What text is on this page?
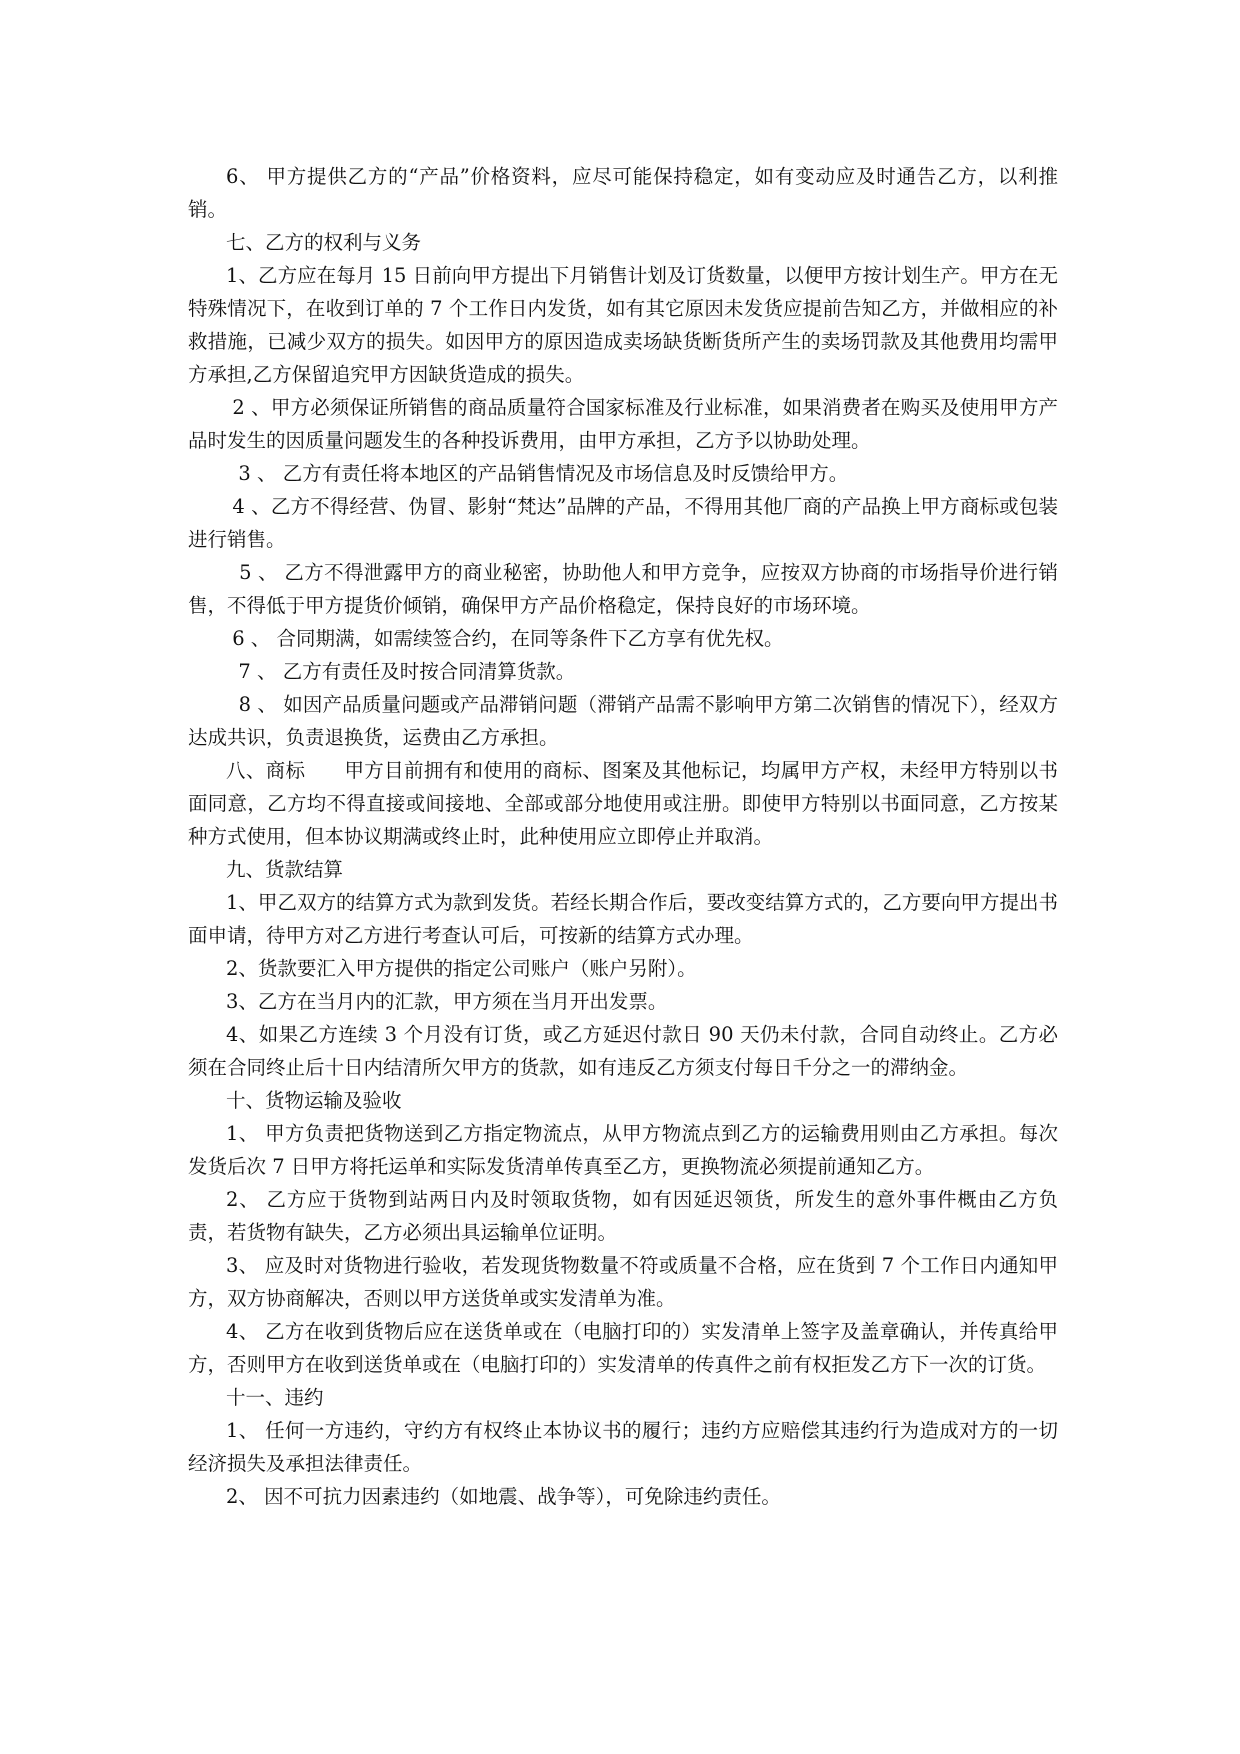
6、 甲方提供乙方的“产品”价格资料，应尽可能保持稳定，如有变动应及时通告乙方，以利推销。

七、乙方的权利与义务

1、乙方应在每月 15 日前向甲方提出下月销售计划及订货数量，以便甲方按计划生产。甲方在无特殊情况下，在收到订单的 7 个工作日内发货，如有其它原因未发货应提前告知乙方，并做相应的补救措施，已减少双方的损失。如因甲方的原因造成卖场缺货断货所产生的卖场罚款及其他费用均需甲方承担,乙方保留追究甲方因缺货造成的损失。

2 、甲方必须保证所销售的商品质量符合国家标准及行业标准，如果消费者在购买及使用甲方产品时发生的因质量问题发生的各种投诉费用，由甲方承担，乙方予以协助处理。

3 、 乙方有责任将本地区的产品销售情况及市场信息及时反馈给甲方。

4 、乙方不得经营、伪冒、影射“梵达”品牌的产品，不得用其他厂商的产品换上甲方商标或包装进行销售。

5 、 乙方不得泄露甲方的商业秘密，协助他人和甲方竞争，应按双方协商的市场指导价进行销售，不得低于甲方提货价倾销，确保甲方产品价格稳定，保持良好的市场环境。

6 、 合同期满，如需续签合约，在同等条件下乙方享有优先权。

7 、 乙方有责任及时按合同清算货款。

8 、 如因产品质量问题或产品滞销问题（滞销产品需不影响甲方第二次销售的情况下），经双方达成共识，负责退换货，运费由乙方承担。

八、商标      甲方目前拥有和使用的商标、图案及其他标记，均属甲方产权，未经甲方特别以书面同意，乙方均不得直接或间接地、全部或部分地使用或注册。即使甲方特别以书面同意，乙方按某种方式使用，但本协议期满或终止时，此种使用应立即停止并取消。

九、货款结算

1、甲乙双方的结算方式为款到发货。若经长期合作后，要改变结算方式的，乙方要向甲方提出书面申请，待甲方对乙方进行考查认可后，可按新的结算方式办理。

2、货款要汇入甲方提供的指定公司账户（账户另附）。

3、乙方在当月内的汇款，甲方须在当月开出发票。

4、如果乙方连续 3 个月没有订货，或乙方延迟付款日 90 天仍未付款，合同自动终止。乙方必须在合同终止后十日内结清所欠甲方的货款，如有违反乙方须支付每日千分之一的滞纳金。

十、货物运输及验收

1、 甲方负责把货物送到乙方指定物流点，从甲方物流点到乙方的运输费用则由乙方承担。每次发货后次 7 日甲方将托运单和实际发货清单传真至乙方，更换物流必须提前通知乙方。

2、 乙方应于货物到站两日内及时领取货物，如有因延迟领货，所发生的意外事件概由乙方负责，若货物有缺失，乙方必须出具运输单位证明。

3、 应及时对货物进行验收，若发现货物数量不符或质量不合格，应在货到 7 个工作日内通知甲方，双方协商解决，否则以甲方送货单或实发清单为准。

4、 乙方在收到货物后应在送货单或在（电脑打印的）实发清单上签字及盖章确认，并传真给甲方，否则甲方在收到送货单或在（电脑打印的）实发清单的传真件之前有权拒发乙方下一次的订货。

十一、违约

1、 任何一方违约，守约方有权终止本协议书的履行；违约方应赔偿其违约行为造成对方的一切经济损失及承担法律责任。

2、 因不可抗力因素违约（如地震、战争等），可免除违约责任。
